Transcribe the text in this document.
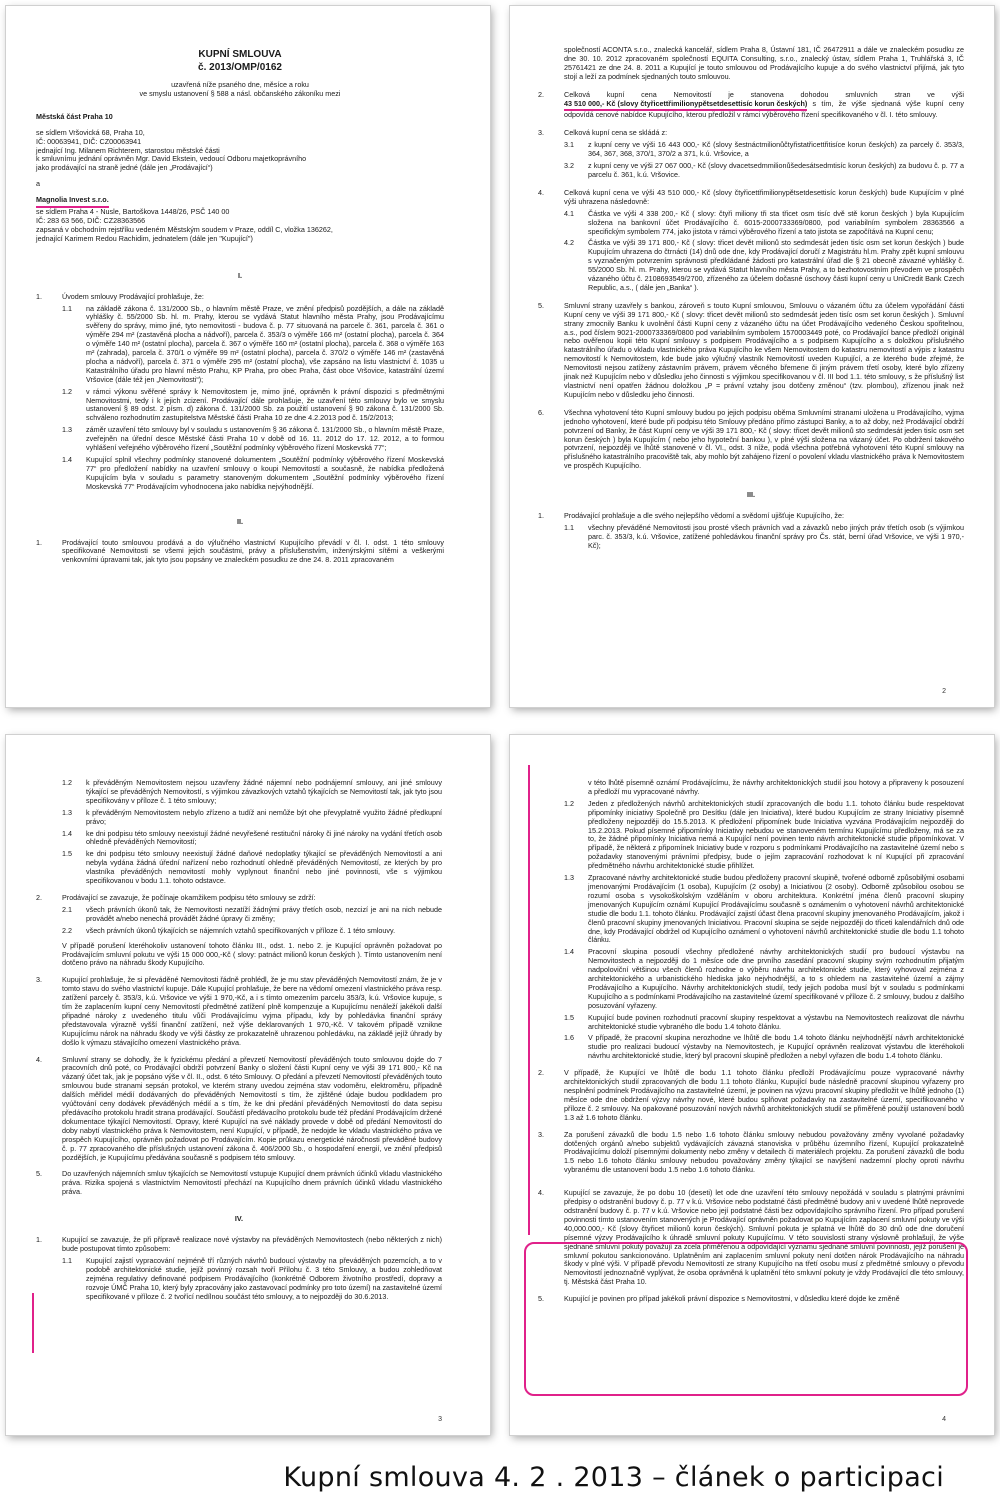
KUPNÍ SMLOUVA

č. 2013/OMP/0162

uzavřená níže psaného dne, měsíce a roku

ve smyslu ustanovení § 588 a násl. občanského zákoníku mezi

Městská část Praha 10

se sídlem Vršovická 68, Praha 10,

IČ: 00063941, DIČ: CZ00063941

jednající Ing. Milanem Richterem, starostou městské části

k smluvnímu jednání oprávněn Mgr. David Ekstein, vedoucí Odboru majetkoprávního

jako prodávající na straně jedné (dále jen „Prodávající“)

a

Magnolia Invest s.r.o.

se sídlem Praha 4 - Nusle, Bartoškova 1448/26, PSČ 140 00

IČ: 283 63 566, DIČ: CZ28363566

zapsaná v obchodním rejstříku vedeném Městským soudem v Praze, oddíl C, vložka 136262,

jednající Karimem Redou Rachidim, jednatelem (dále jen "Kupující")

I.

1.	Úvodem smlouvy Prodávající prohlašuje, že:
1.1	na základě zákona č. 131/2000 Sb., o hlavním městě Praze, ve znění předpisů pozdějších, a dále na základě vyhlášky č. 55/2000 Sb. hl. m. Prahy, kterou se vydává Statut hlavního města Prahy, jsou Prodávajícímu svěřeny do správy, mimo jiné, tyto nemovitosti - budova č. p. 77 situovaná na parcele č. 361, parcela č. 361 o výměře 294 m² (zastavěná plocha a nádvoří), parcela č. 353/3 o výměře 166 m² (ostatní plocha), parcela č. 364 o výměře 140 m² (ostatní plocha), parcela č. 367 o výměře 160 m² (ostatní plocha), parcela č. 368 o výměře 163 m² (zahrada), parcela č. 370/1 o výměře 99 m² (ostatní plocha), parcela č. 370/2 o výměře 146 m² (zastavěná plocha a nádvoří), parcela č. 371 o výměře 295 m² (ostatní plocha), vše zapsáno na listu vlastnictví č. 1035 u Katastrálního úřadu pro hlavní město Prahu, KP Praha, pro obec Praha, část obce Vršovice, katastrální území Vršovice (dále též jen „Nemovitosti“);
1.2	v rámci výkonu svěřené správy k Nemovitostem je, mimo jiné, oprávněn k právní dispozici s předmětnými Nemovitostmi, tedy i k jejich zcizení. Prodávající dále prohlašuje, že uzavření této smlouvy bylo ve smyslu ustanovení § 89 odst. 2 písm. d) zákona č. 131/2000 Sb. za použití ustanovení § 90 zákona č. 131/2000 Sb. schváleno rozhodnutím zastupitelstva Městské části Praha 10 ze dne 4.2.2013 pod č. 15/2/2013;
1.3	záměr uzavření této smlouvy byl v souladu s ustanovením § 36 zákona č. 131/2000 Sb., o hlavním městě Praze, zveřejněn na úřední desce Městské části Praha 10 v době od 16. 11. 2012 do 17. 12. 2012, a to formou vyhlášení veřejného výběrového řízení „Soutěžní podmínky výběrového řízení Moskevská 77“;
1.4	Kupující splnil všechny podmínky stanovené dokumentem „Soutěžní podmínky výběrového řízení Moskevská 77“ pro předložení nabídky na uzavření smlouvy o koupi Nemovitostí a současně, že nabídka předložená Kupujícím byla v souladu s parametry stanoveným dokumentem „Soutěžní podmínky výběrového řízení Moskevská 77“ Prodávajícím vyhodnocena jako nabídka nejvýhodnější.

II.

1.	Prodávající touto smlouvou prodává a do výlučného vlastnictví Kupujícího převádí v čl. I. odst. 1 této smlouvy specifikované Nemovitosti se všemi jejich součástmi, právy a příslušenstvím, inženýrskými sítěmi a veškerými venkovními úpravami tak, jak tyto jsou popsány ve znaleckém posudku ze dne 24. 8. 2011 zpracovaném
společností ACONTA s.r.o., znalecká kancelář, sídlem Praha 8, Ústavní 181, IČ 26472911 a dále ve znaleckém posudku ze dne 30. 10. 2012 zpracovaném společností EQUITA Consulting, s.r.o., znalecký ústav, sídlem Praha 1, Truhlářská 3, IČ 25761421 ze dne 24. 8. 2011 a Kupující je touto smlouvou od Prodávajícího kupuje a do svého vlastnictví přijímá, jak tyto stojí a leží za podmínek sjednaných touto smlouvou.
2.	Celková kupní cena Nemovitostí je stanovena dohodou smluvních stran ve výši 43 510 000,- Kč (slovy čtyřicettřimilionypětsetdesettisíc korun českých) s tím, že výše sjednaná výše kupní ceny odpovídá cenové nabídce Kupujícího, kterou předložil v rámci výběrového řízení specifikovaného v čl. I. této smlouvy.
3.	Celková kupní cena se skládá z:
3.1	z kupní ceny ve výši 16 443 000,- Kč (slovy šestnáctmilionůčtyřistatřicettřitisíce korun českých) za parcely č. 353/3, 364, 367, 368, 370/1, 370/2 a 371, k.ú. Vršovice, a
3.2	z kupní ceny ve výši 27 067 000,- Kč (slovy dvacetsedmmilionůšedesátsedmtisíc korun českých) za budovu č. p. 77 a parcelu č. 361, k.ú. Vršovice.
4.	Celková kupní cena ve výši 43 510 000,- Kč (slovy čtyřicettřimilionypětsetdesettisíc korun českých) bude Kupujícím v plné výši uhrazena následovně:
4.1	Částka ve výši 4 338 200,- Kč ( slovy: čtyři miliony tři sta třicet osm tisíc dvě stě korun českých ) byla Kupujícím složena na bankovní účet Prodávajícího č. 6015-2000733369/0800, pod variabilním symbolem 28363566 a specifickým symbolem 774, jako jistota v rámci výběrového řízení a tato jistota se započítává na Kupní cenu;
4.2	Částka ve výši 39 171 800,- Kč ( slovy: třicet devět milionů sto sedmdesát jeden tisíc osm set korun českých ) bude Kupujícím uhrazena do čtrnácti (14) dnů ode dne, kdy Prodávající doručí z Magistrátu hl.m. Prahy zpět kupní smlouvu s vyznačeným potvrzením správnosti předkládané žádosti pro katastrální úřad dle § 21 obecně závazné vyhlášky č. 55/2000 Sb. hl. m. Prahy, kterou se vydává Statut hlavního města Prahy, a to bezhotovostním převodem ve prospěch vázaného účtu č. 2108693549/2700, zřízeného za účelem dočasné úschovy části kupní ceny u UniCredit Bank Czech Republic, a.s., ( dále jen „Banka“ ).
5.	Smluvní strany uzavřely s bankou, zároveň s touto Kupní smlouvou, Smlouvu o vázaném účtu za účelem vypořádání části Kupní ceny ve výši 39 171 800,- Kč ( slovy: třicet devět milionů sto sedmdesát jeden tisíc osm set korun českých ). Smluvní strany zmocnily Banku k uvolnění části Kupní ceny z vázaného účtu na účet Prodávajícího vedeného Českou spořitelnou, a.s., pod číslem 9021-2000733369/0800 pod variabilním symbolem 1570003449 poté, co Prodávající bance předloží originál nebo ověřenou kopii této Kupní smlouvy s podpisem Prodávajícího a s podpisem Kupujícího a s doložkou příslušného katastrálního úřadu o vkladu vlastnického práva Kupujícího ke všem Nemovitostem do katastru nemovitostí a výpis z katastru nemovitostí k Nemovitostem, kde bude jako výlučný vlastník Nemovitostí uveden Kupující, a ze kterého bude zřejmé, že Nemovitosti nejsou zatíženy zástavním právem, právem věcného břemene či jiným právem třetí osoby, které bylo zřízeny jinak než Kupujícím nebo v důsledku jeho činnosti s výjimkou specifikovanou v čl. III bod 1.1. této smlouvy, s že příslušný list vlastnictví není opatřen žádnou doložkou „P = právní vztahy jsou dotčeny změnou“ (tzv. plombou), zřízenou jinak než Kupujícím nebo v důsledku jeho činnosti.
6.	Všechna vyhotovení této Kupní smlouvy budou po jejich podpisu oběma Smluvními stranami uložena u Prodávajícího, vyjma jednoho vyhotovení, které bude při podpisu této Smlouvy předáno přímo zástupci Banky, a to až doby, než Prodávající obdrží potvrzení od Banky, že část Kupní ceny ve výši 39 171 800,- Kč ( slovy: třicet devět milionů sto sedmdesát jeden tisíc osm set korun českých ) byla Kupujícím ( nebo jeho hypoteční bankou ), v plné výši složena na vázaný účet. Po obdržení takového potvrzení, nejpozději ve lhůtě stanovené v čl. VI., odst. 3 níže, podá všechna potřebná vyhotovení této Kupní smlouvy na příslušného katastrálního pracoviště tak, aby mohlo být zahájeno řízení o povolení vkladu vlastnického práva k Nemovitostem ve prospěch Kupujícího.

III.

1.	Prodávající prohlašuje a dle svého nejlepšího vědomí a svědomí ujišťuje Kupujícího, že:
1.1	všechny převáděné Nemovitosti jsou prosté všech právních vad a závazků nebo jiných práv třetích osob (s výjimkou parc. č. 353/3, k.ú. Vršovice, zatížené pohledávkou finanční správy pro Čs. stát, berní úřad Vršovice, ve výši 1 970,-Kč);
2
1.2	k převáděným Nemovitostem nejsou uzavřeny žádné nájemní nebo podnájemní smlouvy, ani jiné smlouvy týkající se převáděných Nemovitostí, s výjimkou závazkových vztahů týkajících se Nemovitostí tak, jak tyto jsou specifikovány v příloze č. 1 této smlouvy;
1.3	k převáděným Nemovitostem nebylo zřízeno a tudíž ani nemůže být ohe převyplatně využito žádné předkupní právo;
1.4	ke dni podpisu této smlouvy neexistují žádné nevyřešené restituční nároky či jiné nároky na vydání třetích osob ohledně převáděných Nemovitostí;
1.5	ke dni podpisu této smlouvy neexistují žádné daňové nedoplatky týkající se převáděných Nemovitostí a ani nebyla vydána žádná úřední nařízení nebo rozhodnutí ohledně převáděných Nemovitostí, ze kterých by pro vlastníka převáděných nemovitostí mohly vyplynout finanční nebo jiné povinnosti, vše s výjimkou specifikovanou v bodu 1.1. tohoto odstavce.
2.	Prodávající se zavazuje, že počínaje okamžikem podpisu této smlouvy se zdrží:
2.1	všech právních úkonů tak, že Nemovitosti nezatíží žádnými právy třetích osob, nezcizí je ani na nich nebude provádět a/nebo nenechá provádět žádné úpravy či změny;
2.2	všech právních úkonů týkajících se nájemních vztahů specifikovaných v příloze č. 1 této smlouvy.
V případě porušení kteréhokoliv ustanovení tohoto článku III., odst. 1. nebo 2. je Kupující oprávněn požadovat po Prodávajícím smluvní pokutu ve výši 15 000 000,-Kč ( slovy: patnáct milionů korun českých ). Tímto ustanovením není dotčeno právo na náhradu škody Kupujícího.
3.	Kupující prohlašuje, že si převáděné Nemovitosti řádně prohlédl, že je mu stav převáděných Nemovitostí znám, že je v tomto stavu do svého vlastnictví kupuje. Dále Kupující prohlašuje, že bere na vědomí omezení vlastnického práva resp. zatížení parcely č. 353/3, k.ú. Vršovice ve výši 1 970,-Kč, a i s tímto omezením parcelu 353/3, k.ú. Vršovice kupuje, s tím že zaplacením kupní ceny Nemovitostí předmětné zatížení plně kompenzuje a Kupujícímu nenáleží jakékoli další připadné nároky z uvedeného titulu vůči Prodávajícímu vyjma případu, kdy by pohledávka finanční správy představovala výrazně vyšší finanční zatížení, než výše deklarovaných 1 970,-Kč. V takovém případě vznikne Kupujícímu nárok na náhradu škody ve výši částky ze prokazatelně uhrazenou pohledávku, na základě jejíž úhrady by došlo k výmazu stávajícího omezení vlastnického práva.
4.	Smluvní strany se dohodly, že k fyzickému předání a převzetí Nemovitostí převáděných touto smlouvou dojde do 7 pracovních dnů poté, co Prodávající obdrží potvrzení Banky o složení části Kupní ceny ve výši 39 171 800,- Kč na vázaný účet tak, jak je popsáno výše v čl. II., odst. 6 této Smlouvy. O předání a převzetí Nemovitostí převáděných touto smlouvou bude stranami sepsán protokol, ve kterém strany uvedou zejména stav vodoměru, elektroměru, případně dalších měřidel médií dodávaných do převáděných Nemovitostí s tím, že zjištěné údaje budou podkladem pro vyúčtování ceny dodávek převáděných médií a s tím, že ke dni předání převáděných Nemovitostí do data sepisu předávacího protokolu hradit strana prodávající. Součástí předávacího protokolu bude též předání Prodávajícím držené dokumentace týkající Nemovitostí. Opravy, které Kupující na své náklady provede v době od předání Nemovitostí do doby nabytí vlastnického práva k Nemovitostem, není Kupující, v případě, že nedojde ke vkladu vlastnického práva ve prospěch Kupujícího, oprávněn požadovat po Prodávajícím. Kopie průkazu energetické náročnosti převáděné budovy č. p. 77 zpracovaného dle příslušných ustanovení zákona č. 406/2000 Sb., o hospodaření energií, ve znění předpisů pozdějších, je Kupujícímu předávána současně s podpisem této smlouvy.
5.	Do uzavřených nájemních smluv týkajících se Nemovitostí vstupuje Kupující dnem právních účinků vkladu vlastnického práva. Rizika spojená s vlastnictvím Nemovitostí přechází na Kupujícího dnem právních účinků vkladu vlastnického práva.

IV.

1.	Kupující se zavazuje, že při přípravě realizace nové výstavby na převáděných Nemovitostech (nebo některých z nich) bude postupovat tímto způsobem:
1.1	Kupující zajistí vypracování nejméně tří různých návrhů budoucí výstavby na převáděných pozemcích, a to v podobě architektonické studie, jejíž povinný rozsah tvoří Přílohu č. 3 této Smlouvy, a budou zohledňovat zejména regulativy definované podpisem Prodávajícího (konkrétně Odborem životního prostředí, dopravy a rozvoje ÚMČ Praha 10, který byly zpracovány jako zastavovací podmínky pro toto území) na zastavitelné území specifikované v příloze č. 2 tvořící nedílnou součást této smlouvy, a to nejpozději do 30.6.2013.
3
v této lhůtě písemně oznámí Prodávajícímu, že návrhy architektonických studií jsou hotovy a připraveny k posouzení a předloží mu vypracované návrhy.
1.2	Jeden z předložených návrhů architektonických studií zpracovaných dle bodu 1.1. tohoto článku bude respektovat připomínky iniciativy Společně pro Desítku (dále jen Iniciativa), které budou Kupujícím ze strany Iniciativy písemně předloženy nejpozději do 15.5.2013. K předložení připomínek bude Iniciativa vyzvána Prodávajícím nejpozději do 15.2.2013. Pokud písemné připomínky Iniciativy nebudou ve stanoveném termínu Kupujícímu předloženy, má se za to, že žádné připomínky Iniciativa nemá a Kupující není povinen tento návrh architektonické studie připomínkovat. V případě, že některá z připomínek Iniciativy bude v rozporu s podmínkami Prodávajícího na zastavitelné území nebo s požadavky stanovenými právními předpisy, bude o jejím zapracování rozhodovat k ní Kupující při zpracování předmětného návrhu architektonické studie přihlížet.
1.3	Zpracované návrhy architektonické studie budou předloženy pracovní skupině, tvořené odborně způsobilými osobami jmenovanými Prodávajícím (1 osoba), Kupujícím (2 osoby) a Iniciativou (2 osoby). Odborně způsobilou osobou se rozumí osoba s vysokoškolským vzděláním v oboru architektura. Konkrétní jména členů pracovní skupiny jmenovaných Kupujícím oznámí Kupující Prodávajícímu současně s oznámením o vyhotovení návrhů architektonické studie dle bodu 1.1. tohoto článku. Prodávající zajistí účast člena pracovní skupiny jmenovaného Prodávajícím, jakož i členů pracovní skupiny jmenovaných Iniciativou. Pracovní skupina se sejde nejpozději do třiceti kalendářních dnů ode dne, kdy Prodávající obdržel od Kupujícího oznámení o vyhotovení návrhů architektonické studie dle bodu 1.1 tohoto článku.
1.4	Pracovní skupina posoudí všechny předložené návrhy architektonických studií pro budoucí výstavbu na Nemovitostech a nejpozději do 1 měsíce ode dne prvního zasedání pracovní skupiny svým rozhodnutím přijatým nadpoloviční většinou všech členů rozhodne o výběru návrhu architektonické studie, který vyhovoval zejména z architektonického a urbanistického hlediska jako nejvhodnější, a to s ohledem na zastavitelné území a zájmy Prodávajícího a Kupujícího. Návrhy architektonických studií, tedy jejich podoba musí být v souladu s podmínkami Kupujícího a s podmínkami Prodávajícího na zastavitelné území specifikované v příloze č. 2 smlouvy, budou z dalšího posuzování vyřazeny.
1.5	Kupující bude povinen rozhodnutí pracovní skupiny respektovat a výstavbu na Nemovitostech realizovat dle návrhu architektonické studie vybraného dle bodu 1.4 tohoto článku.
1.6	V případě, že pracovní skupina nerozhodne ve lhůtě dle bodu 1.4 tohoto článku nejvhodnější návrh architektonické studie pro realizaci budoucí výstavby na Nemovitostech, je Kupující oprávněn realizovat výstavbu dle kteréhokoli návrhu architektonické studie, který byl pracovní skupině předložen a nebyl vyřazen dle bodu 1.4 tohoto článku.
2.	V případě, že Kupující ve lhůtě dle bodu 1.1 tohoto článku předloží Prodávajícímu pouze vypracované návrhy architektonických studií zpracovaných dle bodu 1.1 tohoto článku, Kupující bude následně pracovní skupinou vyřazeny pro nesplnění podmínek Prodávajícího na zastavitelné území, je povinen na výzvu pracovní skupiny předložit ve lhůtě jednoho (1) měsíce ode dne obdržení výzvy návrhy nové, které budou splňovat požadavky na zastavitelné území, specifikovaného v příloze č. 2 smlouvy. Na opakované posuzování nových návrhů architektonických studií se přiměřeně použijí ustanovení bodů 1.3 až 1.6 tohoto článku.
3.	Za porušení závazků dle bodu 1.5 nebo 1.6 tohoto článku smlouvy nebudou považovány změny vyvolané požadavky dotčených orgánů a/nebo subjektů vydávajících závazná stanoviska v průběhu územního řízení, Kupující prokazatelně Prodávajícímu doloží písemnými dokumenty nebo změny v detailech či materiálech projektu. Za porušení závazků dle bodu 1.5 nebo 1.6 tohoto článku smlouvy nebudou považovány změny týkající se navýšení nadzemní plochy oproti návrhu vybranému dle ustanovení bodu 1.5 nebo 1.6 tohoto článku.
4.	Kupující se zavazuje, že po dobu 10 (deseti) let ode dne uzavření této smlouvy nepožádá v souladu s platnými právními předpisy o odstranění budovy č. p. 77 v k.ú. Vršovice nebo podstatné části předmětné budovy ani v uvedené lhůtě neprovede odstranění budovy č. p. 77 v k.ú. Vršovice nebo její podstatné části bez odpovídajícího správního řízení. Pro případ porušení povinnosti tímto ustanovením stanovených je Prodávající oprávněn požadovat po Kupujícím zaplacení smluvní pokuty ve výši 40,000.000,- Kč (slovy čtyřicet milionů korun českých). Smluvní pokuta je splatná ve lhůtě do 30 dnů ode dne doručení písemné výzvy Prodávajícího k úhradě smluvní pokuty Kupujícímu. V této souvislosti strany výslovně prohlašují, že výše sjednané smluvní pokuty považují za zcela přiměřenou a odpovídající významu sjednané smluvní povinnosti, jejíž porušení je smluvní pokutou sankcionováno. Uplatněním ani zaplacením smluvní pokuty není dotčen nárok Prodávajícího na náhradu škody v plné výši. V případě převodu Nemovitostí ze strany Kupujícího na třetí osobu musí z předmětné smlouvy o převodu Nemovitostí jednoznačně vyplývat, že osoba oprávněná k uplatnění této smluvní pokuty je vždy Prodávající dle této smlouvy, tj. Městská část Praha 10.
5.	Kupující je povinen pro případ jakékoli právní dispozice s Nemovitostmi, v důsledku které dojde ke změně
4
Kupní smlouva 4. 2 . 2013 – článek o participaci
